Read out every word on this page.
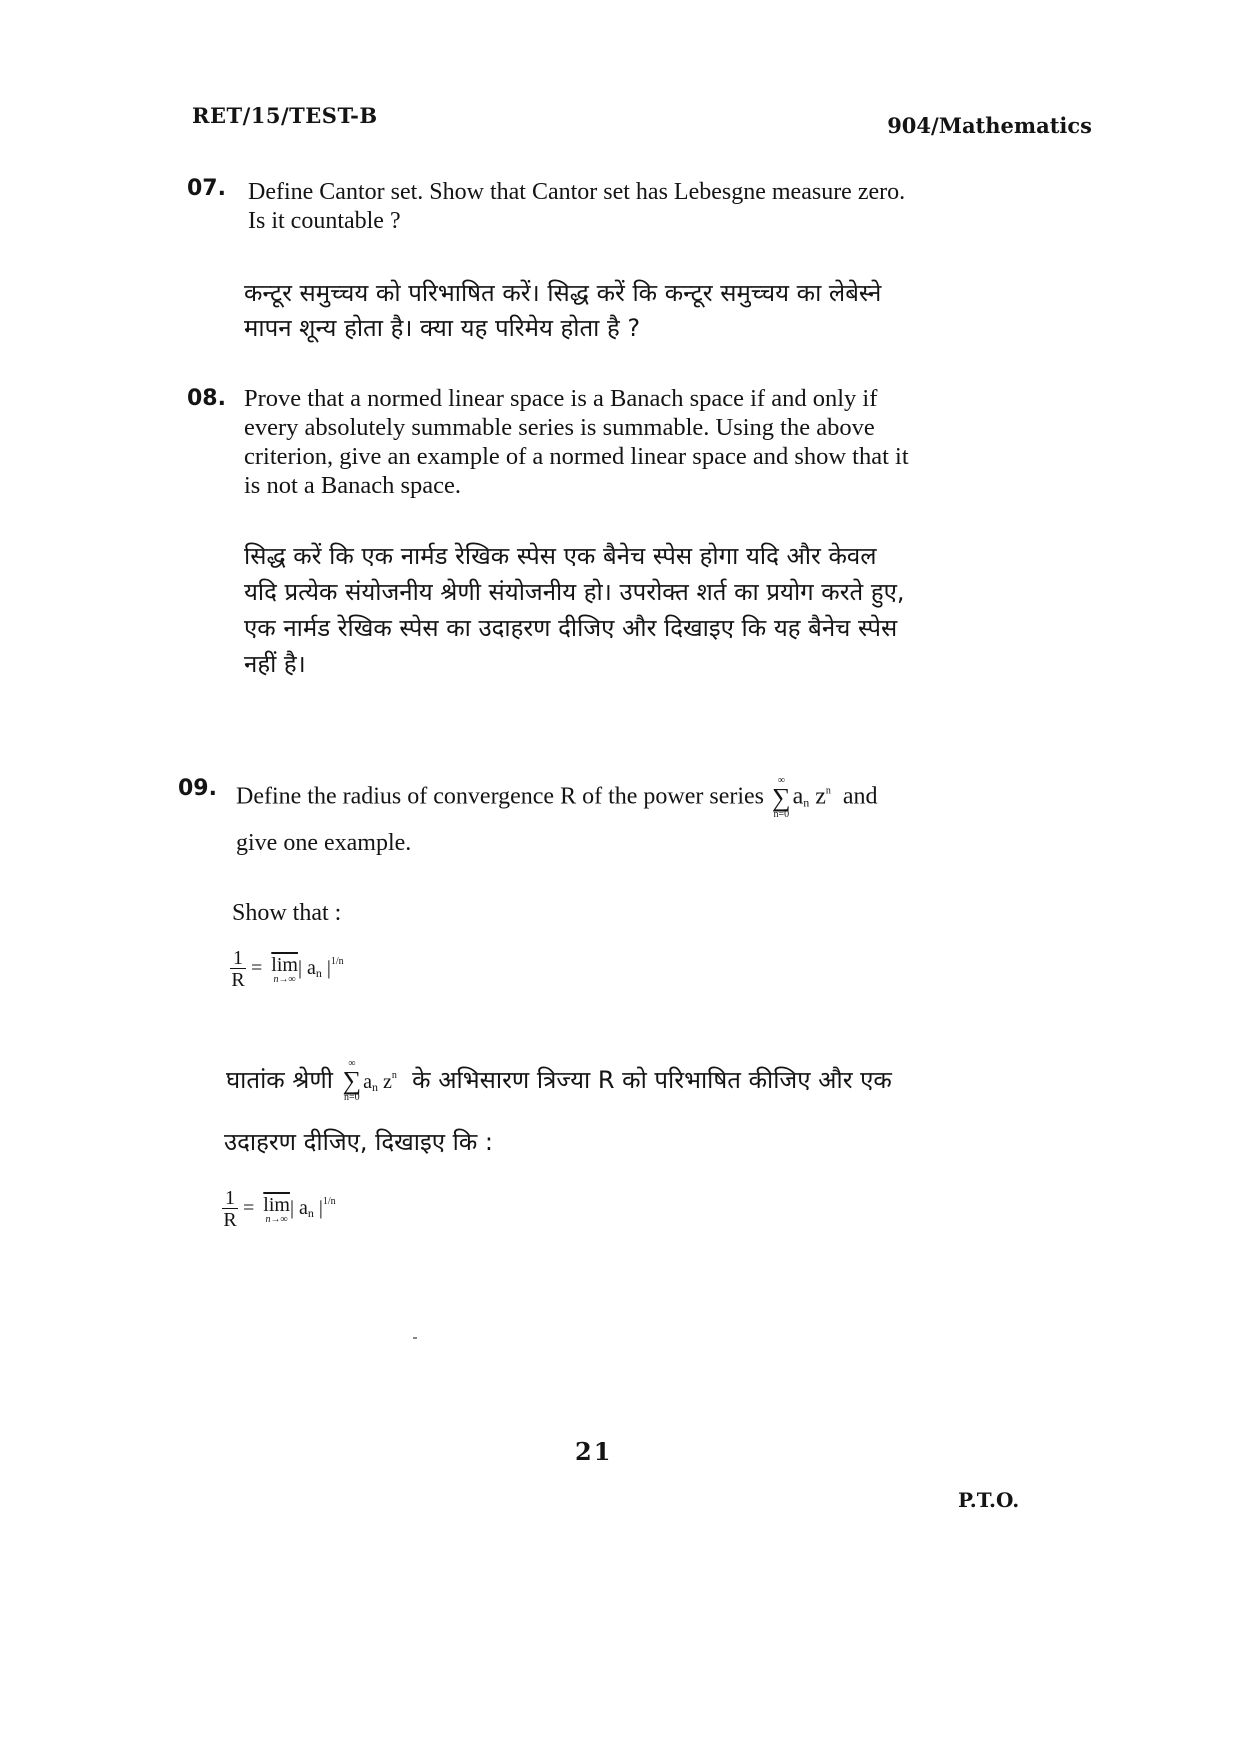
RET/15/TEST-B	904/Mathematics
07. Define Cantor set. Show that Cantor set has Lebesgne measure zero.
Is it countable ?
कन्टूर समुच्चय को परिभाषित करें। सिद्ध करें कि कन्टूर समुच्चय का लेबेस्ने
मापन शून्य होता है। क्या यह परिमेय होता है ?
08. Prove that a normed linear space is a Banach space if and only if
every absolutely summable series is summable. Using the above
criterion, give an example of a normed linear space and show that it
is not a Banach space.
सिद्ध करें कि एक नार्मड रेखिक स्पेस एक बैनेच स्पेस होगा यदि और केवल
यदि प्रत्येक संयोजनीय श्रेणी संयोजनीय हो। उपरोक्त शर्त का प्रयोग करते हुए,
एक नार्मड रेखिक स्पेस का उदाहरण दीजिए और दिखाइए कि यह बैनेच स्पेस
नहीं है।
09. Define the radius of convergence R of the power series
∞
∑
n=0
$a_n$ $z^n$ and
give one example.
Show that :
$\frac{1}{R} = \overline{lim}$
n→∞ | $a_n$ $|^{1/n}$
घातांक श्रेणी
∞
∑
n=0
$a_n$ $z^n$ के अभिसारण त्रिज्या R को परिभाषित कीजिए और एक
उदाहरण दीजिए, दिखाइए कि :
$\frac{1}{R} = \overline{lim}$
n→∞ | $a_n$ $|^{1/n}$
21
P.T.O.
